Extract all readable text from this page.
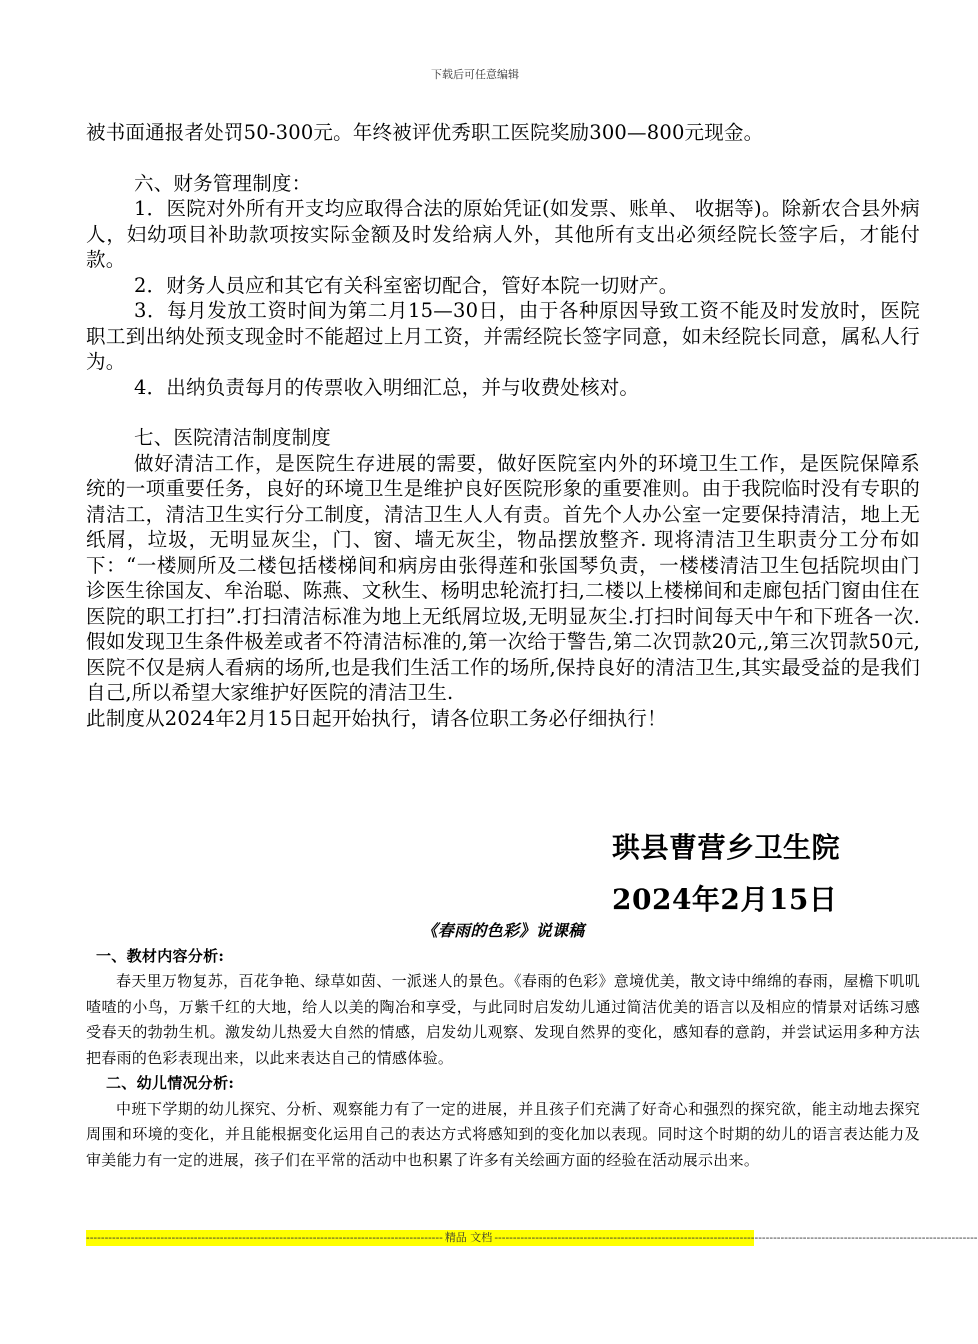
下载后可任意编辑

被书面通报者处罚50-300元。年终被评优秀职工医院奖励300—800元现金。

六、财务管理制度：

1．医院对外所有开支均应取得合法的原始凭证(如发票、账单、 收据等)。除新农合县外病人，妇幼项目补助款项按实际金额及时发给病人外，其他所有支出必须经院长签字后，才能付款。

2．财务人员应和其它有关科室密切配合，管好本院一切财产。

3．每月发放工资时间为第二月15—30日，由于各种原因导致工资不能及时发放时，医院职工到出纳处预支现金时不能超过上月工资，并需经院长签字同意，如未经院长同意，属私人行为。

4．出纳负责每月的传票收入明细汇总，并与收费处核对。

七、医院清洁制度制度

做好清洁工作，是医院生存进展的需要，做好医院室内外的环境卫生工作，是医院保障系统的一项重要任务，良好的环境卫生是维护良好医院形象的重要准则。由于我院临时没有专职的清洁工，清洁卫生实行分工制度，清洁卫生人人有责。首先个人办公室一定要保持清洁，地上无纸屑，垃圾，无明显灰尘，门、窗、墙无灰尘，物品摆放整齐. 现将清洁卫生职责分工分布如下：“一楼厕所及二楼包括楼梯间和病房由张得莲和张国琴负责，一楼楼清洁卫生包括院坝由门诊医生徐国友、牟治聪、陈燕、文秋生、杨明忠轮流打扫,二楼以上楼梯间和走廊包括门窗由住在医院的职工打扫”.打扫清洁标准为地上无纸屑垃圾,无明显灰尘.打扫时间每天中午和下班各一次.假如发现卫生条件极差或者不符清洁标准的,第一次给于警告,第二次罚款20元,,第三次罚款50元,医院不仅是病人看病的场所,也是我们生活工作的场所,保持良好的清洁卫生,其实最受益的是我们自己,所以希望大家维护好医院的清洁卫生.

此制度从2024年2月15日起开始执行，请各位职工务必仔细执行！

珙县曹营乡卫生院
2024年2月15日

《春雨的色彩》说课稿

一、教材内容分析:

春天里万物复苏，百花争艳、绿草如茵、一派迷人的景色。《春雨的色彩》意境优美，散文诗中绵绵的春雨，屋檐下叽叽喳喳的小鸟，万紫千红的大地，给人以美的陶冶和享受，与此同时启发幼儿通过简洁优美的语言以及相应的情景对话练习感受春天的勃勃生机。激发幼儿热爱大自然的情感，启发幼儿观察、发现自然界的变化，感知春的意韵，并尝试运用多种方法把春雨的色彩表现出来，以此来表达自己的情感体验。

二、幼儿情况分析:

中班下学期的幼儿探究、分析、观察能力有了一定的进展，并且孩子们充满了好奇心和强烈的探究欲，能主动地去探究周围和环境的变化，并且能根据变化运用自己的表达方式将感知到的变化加以表现。同时这个时期的幼儿的语言表达能力及审美能力有一定的进展，孩子们在平常的活动中也积累了许多有关绘画方面的经验在活动展示出来。

------------------------------------------------------------------------------------------------ 精品 文档 ----------------------------------------------------------------------------------------------------------------------------------
